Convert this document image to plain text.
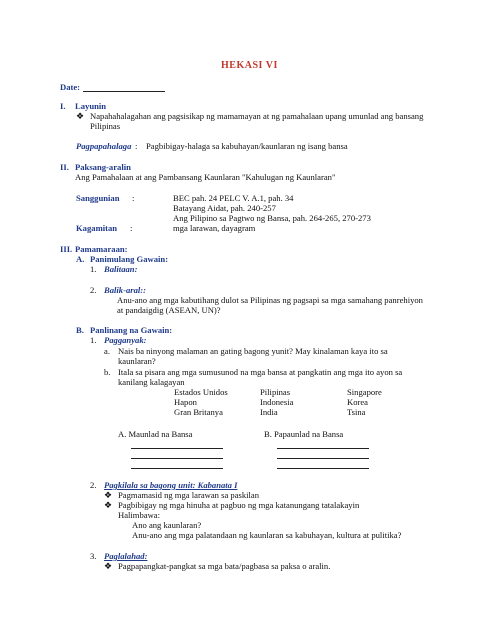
HEKASI VI
Date:
I. Layunin
❖ Napahahalagahan ang pagsisikap ng mamamayan at ng pamahalaan upang umunlad ang bansang
Pilipinas
Pagpapahalaga : Pagbibigay-halaga sa kabuhayan/kaunlaran ng isang bansa
II. Paksang-aralin
Ang Pamahalaan at ang Pambansang Kaunlaran "Kahulugan ng Kaunlaran"
Sanggunian :	BEC pah. 24 PELC V. A.1, pah. 34
Batayang Aidat, pah. 240-257
Ang Pilipino sa Pagtwo ng Bansa, pah. 264-265, 270-273
Kagamitan :	mga larawan, dayagram
III. Pamamaraan:
A. Panimulang Gawain:
1. Balitaan:
2. Balik-aral::
Anu-ano ang mga kabutihang dulot sa Pilipinas ng pagsapi sa mga samahang panrehiyon
at pandaigdig (ASEAN, UN)?
B. Panlinang na Gawain:
1. Pagganyak:
a. Nais ba ninyong malaman an gating bagong yunit? May kinalaman kaya ito sa
kaunlaran?
b. Itala sa pisara ang mga sumusunod na mga bansa at pangkatin ang mga ito ayon sa
kanilang kalagayan
Estados Unidos	Pilipinas	Singapore
Hapon	Indonesia	Korea
Gran Britanya	India	Tsina
A. Maunlad na Bansa	B. Papaunlad na Bansa
2. Pagkilala sa bagong unit: Kabanata I
❖ Pagmamasid ng mga larawan sa paskilan
❖ Pagbibigay ng mga hinuha at pagbuo ng mga katanungang tatalakayin
Halimbawa:
Ano ang kaunlaran?
Anu-ano ang mga palatandaan ng kaunlaran sa kabuhayan, kultura at pulitika?
3. Paglalahad:
❖ Pagpapangkat-pangkat sa mga bata/pagbasa sa paksa o aralin.
